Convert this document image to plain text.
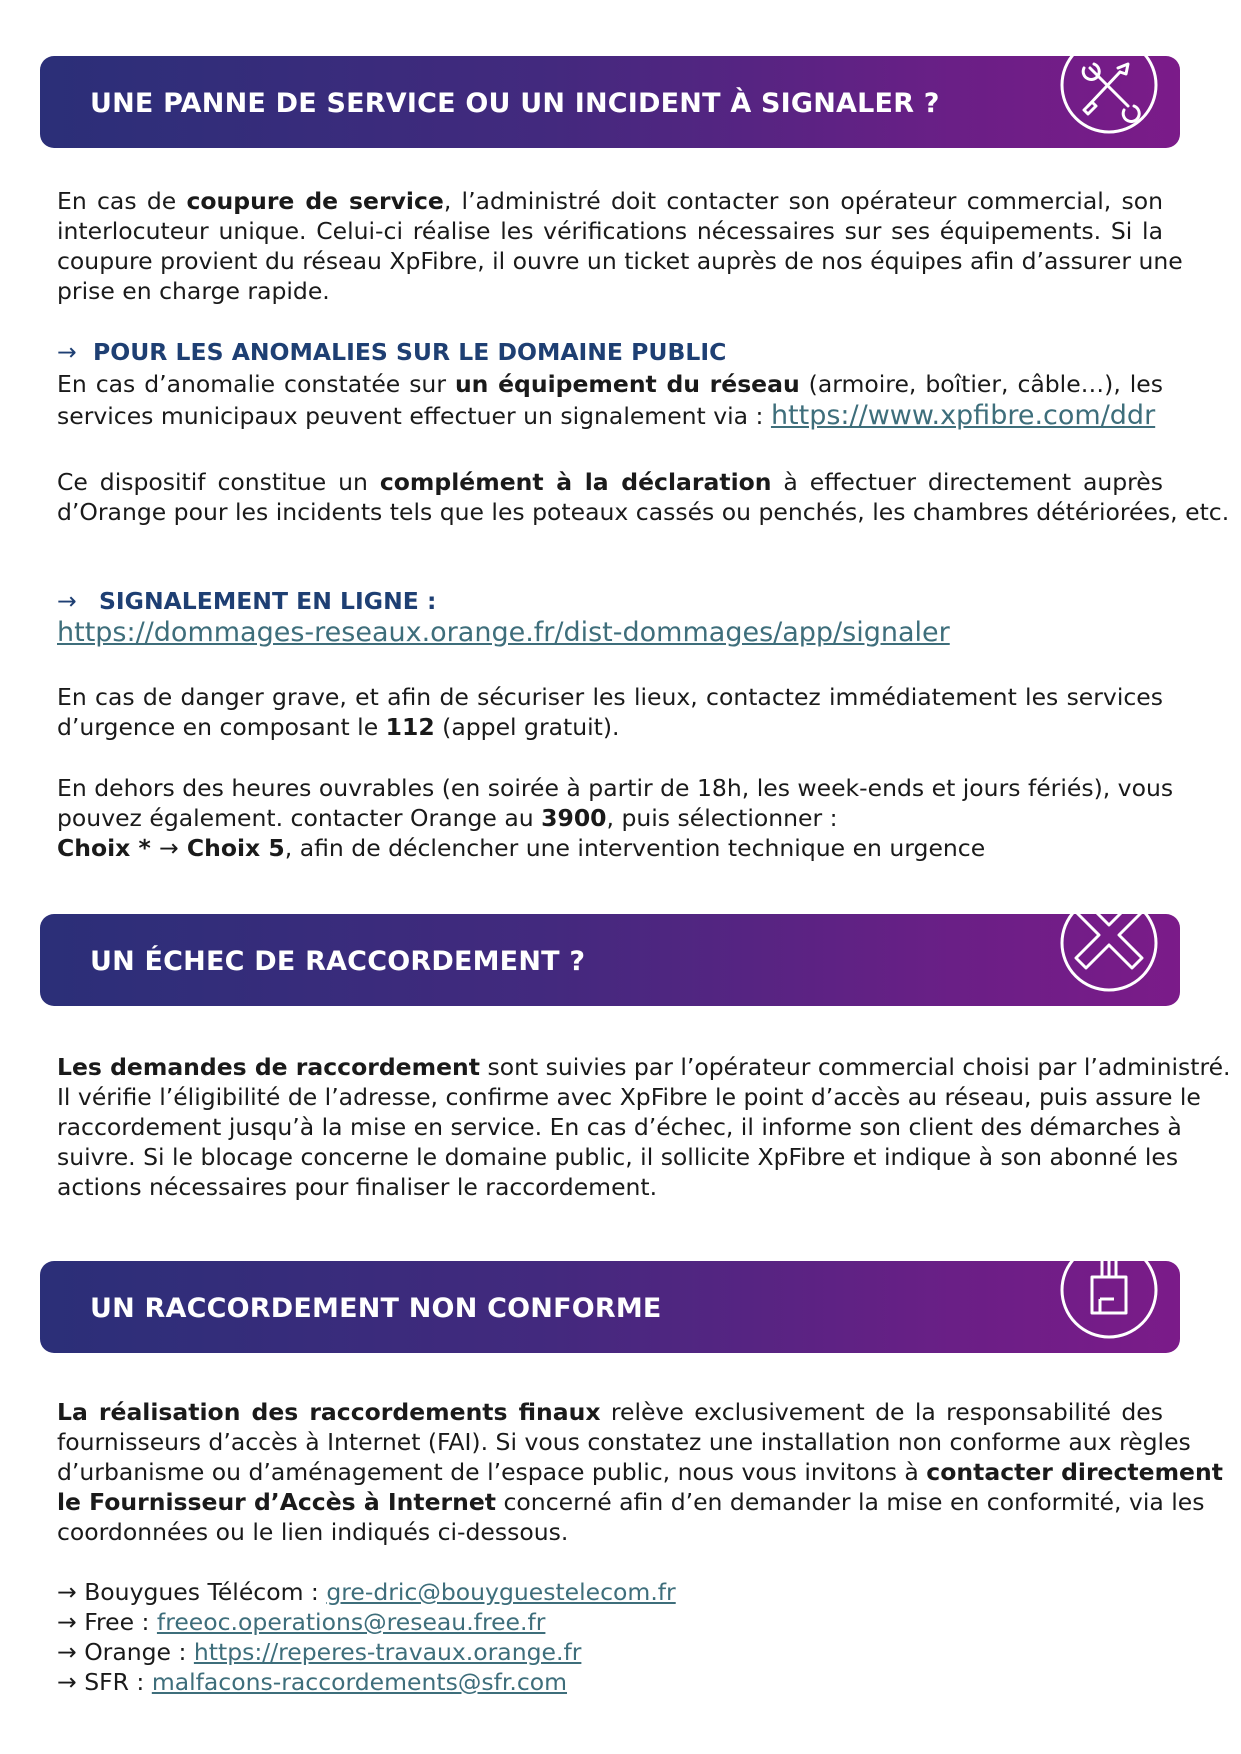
UNE PANNE DE SERVICE OU UN INCIDENT À SIGNALER ?
En cas de coupure de service, l’administré doit contacter son opérateur commercial, son
interlocuteur unique. Celui-ci réalise les vérifications nécessaires sur ses équipements. Si la
coupure provient du réseau XpFibre, il ouvre un ticket auprès de nos équipes afin d’assurer une
prise en charge rapide.
→ POUR LES ANOMALIES SUR LE DOMAINE PUBLIC
En cas d’anomalie constatée sur un équipement du réseau (armoire, boîtier, câble…), les
services municipaux peuvent effectuer un signalement via : https://www.xpfibre.com/ddr
Ce dispositif constitue un complément à la déclaration à effectuer directement auprès
d’Orange pour les incidents tels que les poteaux cassés ou penchés, les chambres détériorées, etc.
→ SIGNALEMENT EN LIGNE :
https://dommages-reseaux.orange.fr/dist-dommages/app/signaler
En cas de danger grave, et afin de sécuriser les lieux, contactez immédiatement les services
d’urgence en composant le 112 (appel gratuit).
En dehors des heures ouvrables (en soirée à partir de 18h, les week-ends et jours fériés), vous
pouvez également. contacter Orange au 3900, puis sélectionner :
Choix * → Choix 5, afin de déclencher une intervention technique en urgence
UN ÉCHEC DE RACCORDEMENT ?
Les demandes de raccordement sont suivies par l’opérateur commercial choisi par l’administré.
Il vérifie l’éligibilité de l’adresse, confirme avec XpFibre le point d’accès au réseau, puis assure le
raccordement jusqu’à la mise en service. En cas d’échec, il informe son client des démarches à
suivre. Si le blocage concerne le domaine public, il sollicite XpFibre et indique à son abonné les
actions nécessaires pour finaliser le raccordement.
UN RACCORDEMENT NON CONFORME
La réalisation des raccordements finaux relève exclusivement de la responsabilité des
fournisseurs d’accès à Internet (FAI). Si vous constatez une installation non conforme aux règles
d’urbanisme ou d’aménagement de l’espace public, nous vous invitons à contacter directement
le Fournisseur d’Accès à Internet concerné afin d’en demander la mise en conformité, via les
coordonnées ou le lien indiqués ci-dessous.
→ Bouygues Télécom : gre-dric@bouyguestelecom.fr
→ Free : freeoc.operations@reseau.free.fr
→ Orange : https://reperes-travaux.orange.fr
→ SFR : malfacons-raccordements@sfr.com
